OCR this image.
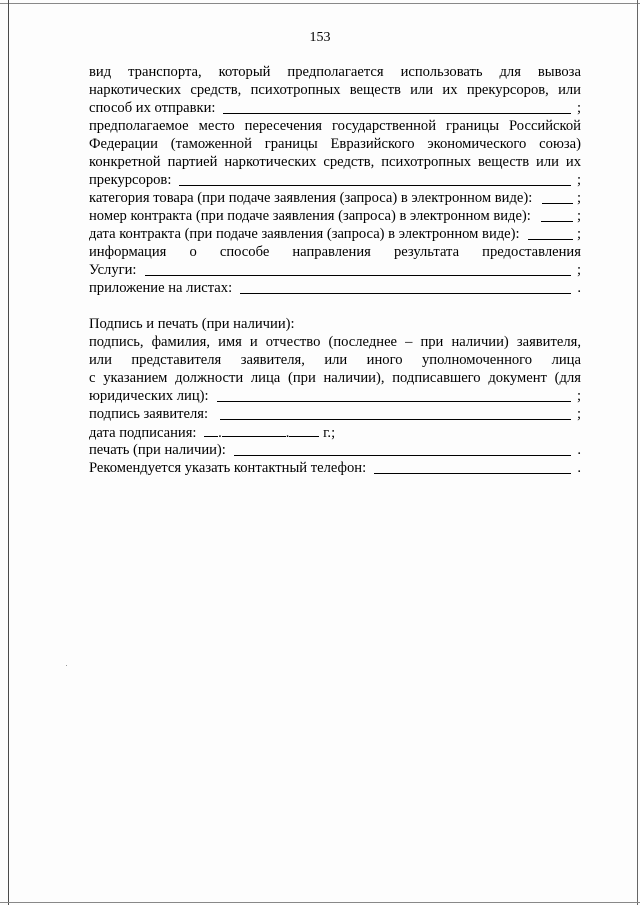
153
вид транспорта, который предполагается использовать для вывоза
наркотических средств, психотропных веществ или их прекурсоров, или
способ их отправки:	;
предполагаемое место пересечения государственной границы Российской
Федерации (таможенной границы Евразийского экономического союза)
конкретной партией наркотических средств, психотропных веществ или их
прекурсоров:	;
категория товара (при подаче заявления (запроса) в электронном виде):	;
номер контракта (при подаче заявления (запроса) в электронном виде):	;
дата контракта (при подаче заявления (запроса) в электронном виде):	;
информация о способе направления результата предоставления
Услуги:	;
приложение на листах:	.
Подпись и печать (при наличии):
подпись, фамилия, имя и отчество (последнее – при наличии) заявителя,
или представителя заявителя, или иного уполномоченного лица
с указанием должности лица (при наличии), подписавшего документ (для
юридических лиц):	;
подпись заявителя:	;
дата подписания: .	. г.;
печать (при наличии):	.
Рекомендуется указать контактный телефон:	.
